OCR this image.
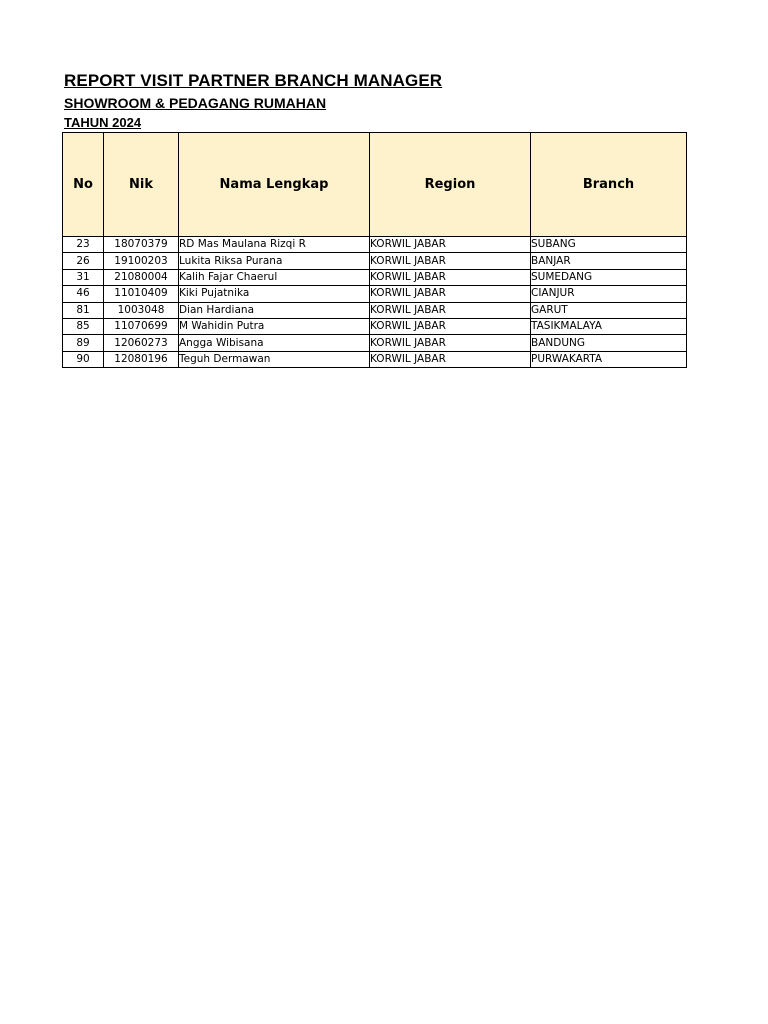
REPORT VISIT PARTNER BRANCH MANAGER
SHOWROOM & PEDAGANG RUMAHAN
TAHUN 2024
No	Nik	Nama Lengkap	Region	Branch
23	18070379	RD Mas Maulana Rizqi R	KORWIL JABAR	SUBANG
26	19100203	Lukita Riksa Purana	KORWIL JABAR	BANJAR
31	21080004	Kalih Fajar Chaerul	KORWIL JABAR	SUMEDANG
46	11010409	Kiki Pujatnika	KORWIL JABAR	CIANJUR
81	1003048	Dian Hardiana	KORWIL JABAR	GARUT
85	11070699	M Wahidin Putra	KORWIL JABAR	TASIKMALAYA
89	12060273	Angga Wibisana	KORWIL JABAR	BANDUNG
90	12080196	Teguh Dermawan	KORWIL JABAR	PURWAKARTA
